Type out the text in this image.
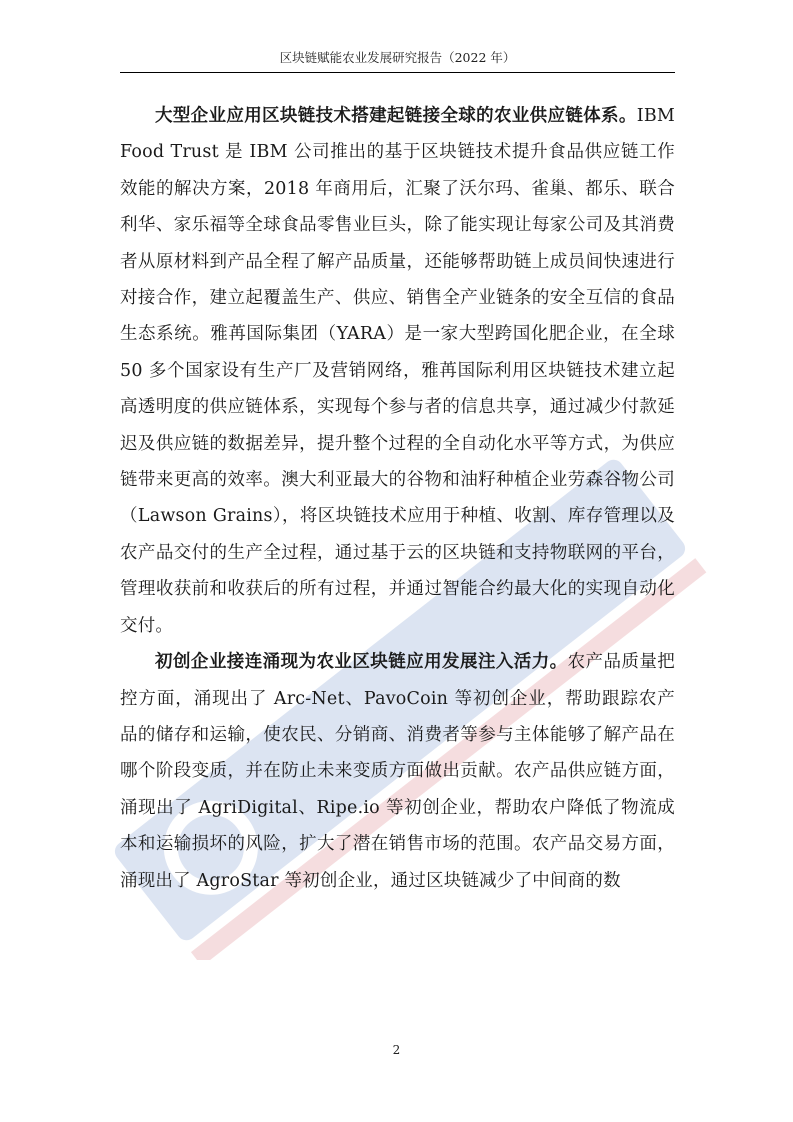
区块链赋能农业发展研究报告（2022 年）

大型企业应用区块链技术搭建起链接全球的农业供应链体系。IBM Food Trust 是 IBM 公司推出的基于区块链技术提升食品供应链工作效能的解决方案，2018 年商用后，汇聚了沃尔玛、雀巢、都乐、联合利华、家乐福等全球食品零售业巨头，除了能实现让每家公司及其消费者从原材料到产品全程了解产品质量，还能够帮助链上成员间快速进行对接合作，建立起覆盖生产、供应、销售全产业链条的安全互信的食品生态系统。雅苒国际集团（YARA）是一家大型跨国化肥企业，在全球 50 多个国家设有生产厂及营销网络，雅苒国际利用区块链技术建立起高透明度的供应链体系，实现每个参与者的信息共享，通过减少付款延迟及供应链的数据差异，提升整个过程的全自动化水平等方式，为供应链带来更高的效率。澳大利亚最大的谷物和油籽种植企业劳森谷物公司（Lawson Grains），将区块链技术应用于种植、收割、库存管理以及农产品交付的生产全过程，通过基于云的区块链和支持物联网的平台，管理收获前和收获后的所有过程，并通过智能合约最大化的实现自动化交付。

初创企业接连涌现为农业区块链应用发展注入活力。农产品质量把控方面，涌现出了 Arc-Net、PavoCoin 等初创企业，帮助跟踪农产品的储存和运输，使农民、分销商、消费者等参与主体能够了解产品在哪个阶段变质，并在防止未来变质方面做出贡献。农产品供应链方面，涌现出了 AgriDigital、Ripe.io 等初创企业，帮助农户降低了物流成本和运输损坏的风险，扩大了潜在销售市场的范围。农产品交易方面，涌现出了 AgroStar 等初创企业，通过区块链减少了中间商的数

2
